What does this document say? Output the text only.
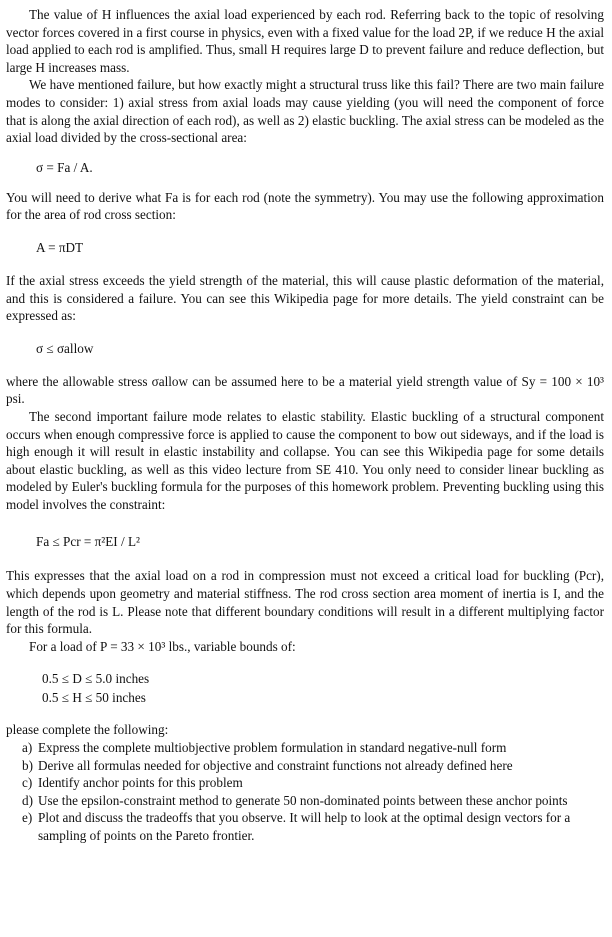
The value of H influences the axial load experienced by each rod. Referring back to the topic of resolving vector forces covered in a first course in physics, even with a fixed value for the load 2P, if we reduce H the axial load applied to each rod is amplified. Thus, small H requires large D to prevent failure and reduce deflection, but large H increases mass.

We have mentioned failure, but how exactly might a structural truss like this fail? There are two main failure modes to consider: 1) axial stress from axial loads may cause yielding (you will need the component of force that is along the axial direction of each rod), as well as 2) elastic buckling. The axial stress can be modeled as the axial load divided by the cross-sectional area:

σ = Fa / A.

You will need to derive what Fa is for each rod (note the symmetry). You may use the following approximation for the area of rod cross section:

A = πDT

If the axial stress exceeds the yield strength of the material, this will cause plastic deformation of the material, and this is considered a failure. You can see this Wikipedia page for more details. The yield constraint can be expressed as:

σ ≤ σallow

where the allowable stress σallow can be assumed here to be a material yield strength value of Sy = 100 × 10³ psi.

The second important failure mode relates to elastic stability. Elastic buckling of a structural component occurs when enough compressive force is applied to cause the component to bow out sideways, and if the load is high enough it will result in elastic instability and collapse. You can see this Wikipedia page for some details about elastic buckling, as well as this video lecture from SE 410. You only need to consider linear buckling as modeled by Euler's buckling formula for the purposes of this homework problem. Preventing buckling using this model involves the constraint:

Fa ≤ Pcr = π²EI / L²

This expresses that the axial load on a rod in compression must not exceed a critical load for buckling (Pcr), which depends upon geometry and material stiffness. The rod cross section area moment of inertia is I, and the length of the rod is L. Please note that different boundary conditions will result in a different multiplying factor for this formula.

For a load of P = 33 × 10³ lbs., variable bounds of:

0.5 ≤ D ≤ 5.0 inches
0.5 ≤ H ≤ 50 inches

please complete the following:

a) Express the complete multiobjective problem formulation in standard negative-null form
b) Derive all formulas needed for objective and constraint functions not already defined here
c) Identify anchor points for this problem
d) Use the epsilon-constraint method to generate 50 non-dominated points between these anchor points
e) Plot and discuss the tradeoffs that you observe. It will help to look at the optimal design vectors for a sampling of points on the Pareto frontier.
